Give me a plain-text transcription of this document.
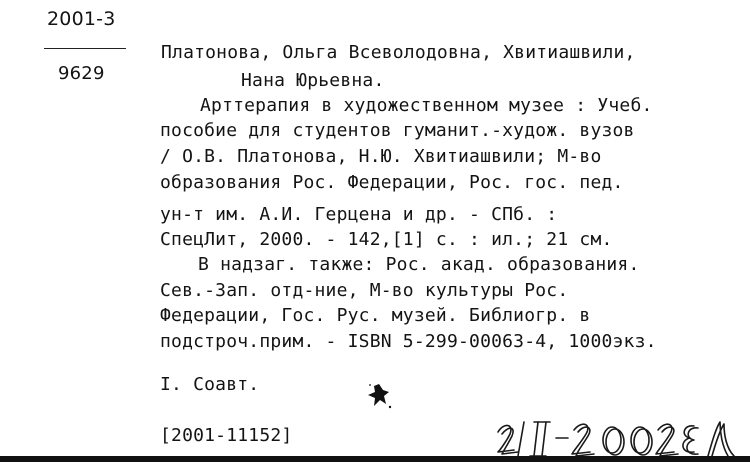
2001-3
9629
Платонова, Ольга Всеволодовна, Хвитиашвили,
Нана Юрьевна.
Арттерапия в художественном музее : Учеб.
пособие для студентов гуманит.-худож. вузов
/ О.В. Платонова, Н.Ю. Хвитиашвили; М-во
образования Рос. Федерации, Рос. гос. пед.
ун-т им. А.И. Герцена и др. - СПб. :
СпецЛит, 2000. - 142,[1] с. : ил.; 21 см.
В надзаг. также: Рос. акад. образования.
Сев.-Зап. отд-ние, М-во культуры Рос.
Федерации, Гос. Рус. музей. Библиогр. в
подстроч.прим. - ISBN 5-299-00063-4, 1000экз.
I. Соавт.
[2001-11152]
